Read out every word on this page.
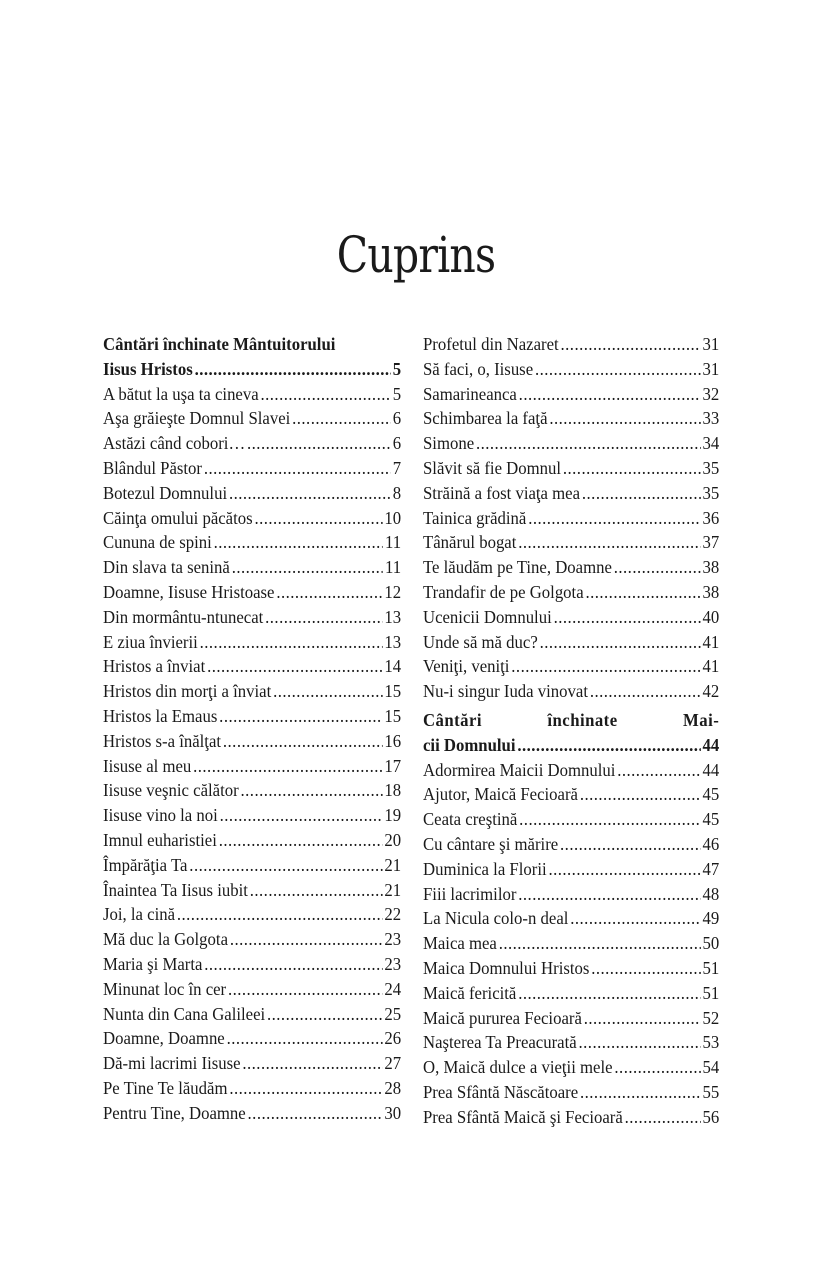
Cuprins
Cântări închinate Mântuitorului
Iisus Hristos .....	5
A bătut la uşa ta cineva .....	5
Aşa grăieşte Domnul Slavei .....	6
Astăzi când cobori… .....	6
Blândul Păstor .....	7
Botezul Domnului .....	8
Căinţa omului păcătos .....	10
Cununa de spini .....	11
Din slava ta senină .....	11
Doamne, Iisuse Hristoase .....	12
Din mormântu-ntunecat .....	13
E ziua învierii .....	13
Hristos a înviat .....	14
Hristos din morţi a înviat .....	15
Hristos la Emaus .....	15
Hristos s-a înălţat .....	16
Iisuse al meu .....	17
Iisuse veşnic călător .....	18
Iisuse vino la noi .....	19
Imnul euharistiei .....	20
Împărăţia Ta .....	21
Înaintea Ta Iisus iubit .....	21
Joi, la cină .....	22
Mă duc la Golgota .....	23
Maria şi Marta .....	23
Minunat loc în cer .....	24
Nunta din Cana Galileei .....	25
Doamne, Doamne .....	26
Dă-mi lacrimi Iisuse .....	27
Pe Tine Te lăudăm .....	28
Pentru Tine, Doamne .....	30
Profetul din Nazaret .....	31
Să faci, o, Iisuse .....	31
Samarineanca .....	32
Schimbarea la faţă .....	33
Simone .....	34
Slăvit să fie Domnul .....	35
Străină a fost viaţa mea .....	35
Tainica grădină .....	36
Tânărul bogat .....	37
Te lăudăm pe Tine, Doamne .....	38
Trandafir de pe Golgota .....	38
Ucenicii Domnului .....	40
Unde să mă duc? .....	41
Veniţi, veniţi .....	41
Nu-i singur Iuda vinovat .....	42
Cântări	închinate	Mai-
cii Domnului .....	44
Adormirea Maicii Domnului .....	44
Ajutor, Maică Fecioară .....	45
Ceata creştină .....	45
Cu cântare şi mărire .....	46
Duminica la Florii .....	47
Fiii lacrimilor .....	48
La Nicula colo-n deal .....	49
Maica mea .....	50
Maica Domnului Hristos .....	51
Maică fericită .....	51
Maică pururea Fecioară .....	52
Naşterea Ta Preacurată .....	53
O, Maică dulce a vieţii mele .....	54
Prea Sfântă Născătoare .....	55
Prea Sfântă Maică şi Fecioară .....	56
